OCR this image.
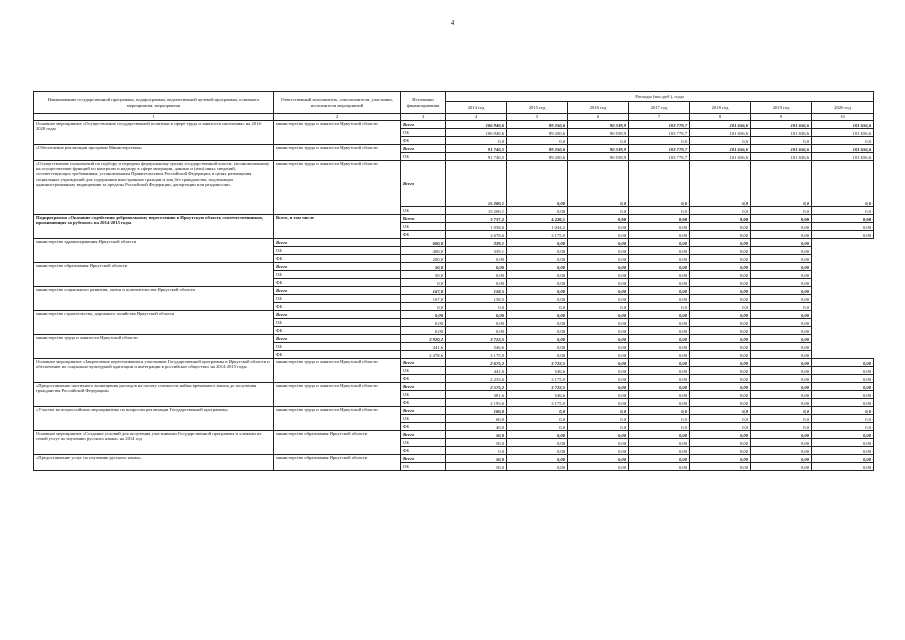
4
Наименование государственной программы, подпрограммы, ведомственной целевой программы, основного мероприятия, мероприятия	Ответственный исполнитель, соисполнители, участники, исполнители мероприятий	Источники финансирования	Расходы (тыс.руб.), годы						
			2014 год	2015 год	2016 год	2017 год	2018 год	2019 год	2020 год
1	2	3	4	5	6	7	8	9	10
Основное мероприятие «Осуществление государственной политики в сфере труда и занятости населения» на 2014-2020 годы	министерство труда и занятости Иркутской области	Всего	106 940,6	89 250,6	90 539,9	103 779,7	101 656,6	101 656,6	101 656,6
		ОБ	106 940,6	89 250,6	90 539,9	103 779,7	101 656,6	101 656,6	101 656,6
		ФБ	0,0	0,0	0,0	0,0	0,0	0,0	0,0
«Обеспечение реализации программ Министерством»	министерство труда и занятости Иркутской области	Всего	91 740,5	89 250,6	90 539,9	103 779,7	101 656,6	101 656,6	101 656,6
		ОБ	91 740,5	89 250,6	90 539,9	103 779,7	101 656,6	101 656,6	101 656,6
«Осуществление полномочий по подбору и передачи федеральному органу государственной власти, уполномоченному на осуществление функций по контролю и надзору в сфере миграции, данных и (или) иных сведений, соответствующих требованиям, установленным Правительством Российской Федерации, в целях размещения социальных учреждений для содержания иностранных граждан и лиц без гражданства, подлежащих административному выдворению за пределы Российской Федерации, депортации или реадмиссии»	министерство труда и занятости Иркутской области	Всего	15 200,1	0,00	0,0	0,0	0,0	0,0	0,0
		ОБ	15 200,1	0,00	0,0	0,0	0,0	0,0	0,0
Подпрограмма «Оказание содействия добровольному переселению в Иркутскую область соотечественников, проживающих за рубежом» на 2014-2015 годы	Всего, в том числе	Всего	3 737,2	4 220,1	0,00	0,00	0,00	0,00	0,00
		ОБ	1 058,6	1 044,2	0,00	0,00	0,00	0,00	0,00
		ФБ	2 678,6	3 175,9	0,00	0,00	0,00	0,00	0,00
министерство здравоохранения Иркутской области	Всего	600,0	339,1	0,00	0,00	0,00	0,00	0,00	
	ОБ	400,0	339,1	0,00	0,00	0,00	0,00	0,00	
	ФБ	200,0	0,00	0,00	0,00	0,00	0,00	0,00	
министерство образования Иркутской области	Всего	50,0	0,00	0,00	0,00	0,00	0,00	0,00	
	ОБ	50,0	0,00	0,00	0,00	0,00	0,00	0,00	
	ФБ	0,0	0,00	0,00	0,00	0,00	0,00	0,00	
министерство социального развития, опеки и попечительства Иркутской области	Всего	167,0	158,5	0,00	0,00	0,00	0,00	0,00	
	ОБ	167,0	158,5	0,00	0,00	0,00	0,00	0,00	
	ФБ	0,0	0,0	0,0	0,0	0,0	0,0	0,0	
министерство строительства, дорожного хозяйства Иркутской области	Всего	0,00	0,00	0,00	0,00	0,00	0,00	0,00	
	ОБ	0,00	0,00	0,00	0,00	0,00	0,00	0,00	
	ФБ	0,00	0,00	0,00	0,00	0,00	0,00	0,00	
министерство труда и занятости Иркутской области	Всего	2 920,2	3 722,5	0,00	0,00	0,00	0,00	0,00	
	ОБ	441,6	546,6	0,00	0,00	0,00	0,00	0,00	
	ФБ	2 478,6	3 175,9	0,00	0,00	0,00	0,00	0,00	
Основное мероприятие «Закрепление переселившихся участников Государственной программы в Иркутской области и обеспечение их социально-культурной адаптации и интеграции в российское общество» на 2014-2015 годы	министерство труда и занятости Иркутской области	Всего	2 675,2	3 722,5	0,00	0,00	0,00	0,00	0,00
		ОБ	441,6	546,6	0,00	0,00	0,00	0,00	0,00
		ФБ	2 233,6	3 175,9	0,00	0,00	0,00	0,00	0,00
«Предоставление частичного возмещения расходов на оплату стоимости найма временного жилья до получения гражданства Российской Федерации»	министерство труда и занятости Иркутской области	Всего	2 575,2	3 722,5	0,00	0,00	0,00	0,00	0,00
		ОБ	381,6	546,6	0,00	0,00	0,00	0,00	0,00
		ФБ	2 193,6	3 175,9	0,00	0,00	0,00	0,00	0,00
«Участие во всероссийских мероприятиях по вопросам реализации Государственной программы»	министерство труда и занятости Иркутской области	Всего	100,0	0,0	0,0	0,0	0,0	0,0	0,0
		ОБ	60,0	0,0	0,0	0,0	0,0	0,0	0,0
		ФБ	40,0	0,0	0,0	0,0	0,0	0,0	0,0
Основное мероприятие «Создание условий для получения участниками Государственной программы и членами их семей услуг по изучению русского языка» на 2014 год	министерство образования Иркутской области	Всего	50,0	0,00	0,00	0,00	0,00	0,00	0,00
		ОБ	50,0	0,00	0,00	0,00	0,00	0,00	0,00
		ФБ	0,0	0,00	0,00	0,00	0,00	0,00	0,00
«Предоставление услуг по изучению русского языка»	министерство образования Иркутской области	Всего	50,0	0,00	0,00	0,00	0,00	0,00	0,00
		ОБ	50,0	0,00	0,00	0,00	0,00	0,00	0,00
